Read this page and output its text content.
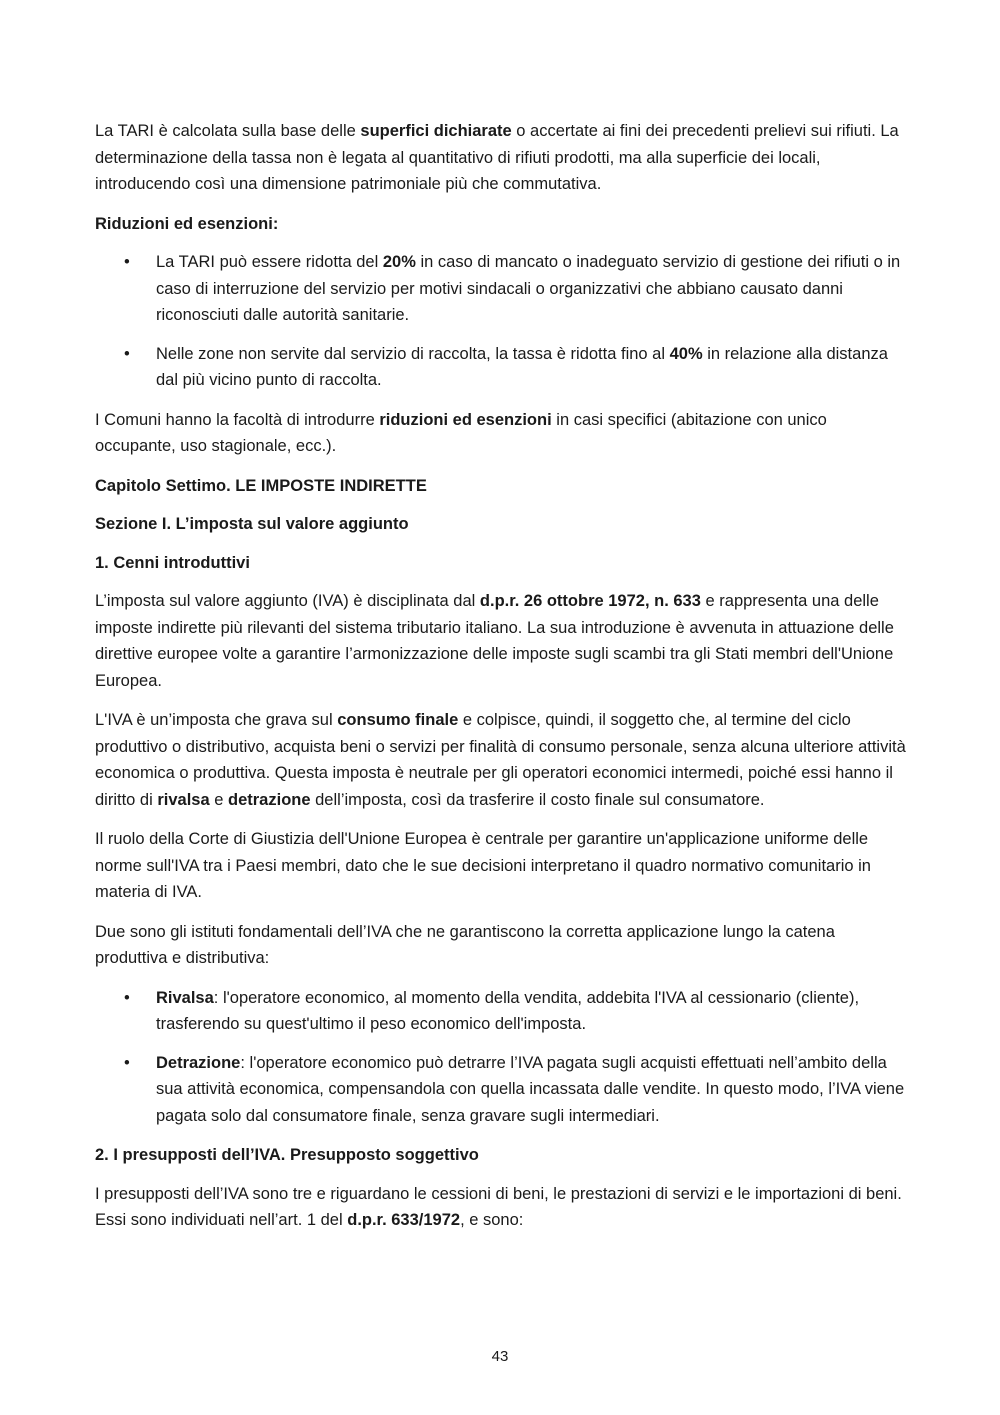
La TARI è calcolata sulla base delle superfici dichiarate o accertate ai fini dei precedenti prelievi sui rifiuti. La determinazione della tassa non è legata al quantitativo di rifiuti prodotti, ma alla superficie dei locali, introducendo così una dimensione patrimoniale più che commutativa.

Riduzioni ed esenzioni:

• La TARI può essere ridotta del 20% in caso di mancato o inadeguato servizio di gestione dei rifiuti o in caso di interruzione del servizio per motivi sindacali o organizzativi che abbiano causato danni riconosciuti dalle autorità sanitarie.
• Nelle zone non servite dal servizio di raccolta, la tassa è ridotta fino al 40% in relazione alla distanza dal più vicino punto di raccolta.

I Comuni hanno la facoltà di introdurre riduzioni ed esenzioni in casi specifici (abitazione con unico occupante, uso stagionale, ecc.).

Capitolo Settimo. LE IMPOSTE INDIRETTE

Sezione I. L’imposta sul valore aggiunto

1. Cenni introduttivi

L’imposta sul valore aggiunto (IVA) è disciplinata dal d.p.r. 26 ottobre 1972, n. 633 e rappresenta una delle imposte indirette più rilevanti del sistema tributario italiano. La sua introduzione è avvenuta in attuazione delle direttive europee volte a garantire l’armonizzazione delle imposte sugli scambi tra gli Stati membri dell'Unione Europea.

L'IVA è un’imposta che grava sul consumo finale e colpisce, quindi, il soggetto che, al termine del ciclo produttivo o distributivo, acquista beni o servizi per finalità di consumo personale, senza alcuna ulteriore attività economica o produttiva. Questa imposta è neutrale per gli operatori economici intermedi, poiché essi hanno il diritto di rivalsa e detrazione dell’imposta, così da trasferire il costo finale sul consumatore.

Il ruolo della Corte di Giustizia dell'Unione Europea è centrale per garantire un'applicazione uniforme delle norme sull'IVA tra i Paesi membri, dato che le sue decisioni interpretano il quadro normativo comunitario in materia di IVA.

Due sono gli istituti fondamentali dell’IVA che ne garantiscono la corretta applicazione lungo la catena produttiva e distributiva:

• Rivalsa: l'operatore economico, al momento della vendita, addebita l'IVA al cessionario (cliente), trasferendo su quest'ultimo il peso economico dell'imposta.
• Detrazione: l'operatore economico può detrarre l’IVA pagata sugli acquisti effettuati nell’ambito della sua attività economica, compensandola con quella incassata dalle vendite. In questo modo, l’IVA viene pagata solo dal consumatore finale, senza gravare sugli intermediari.

2. I presupposti dell’IVA. Presupposto soggettivo

I presupposti dell’IVA sono tre e riguardano le cessioni di beni, le prestazioni di servizi e le importazioni di beni. Essi sono individuati nell’art. 1 del d.p.r. 633/1972, e sono:

43
